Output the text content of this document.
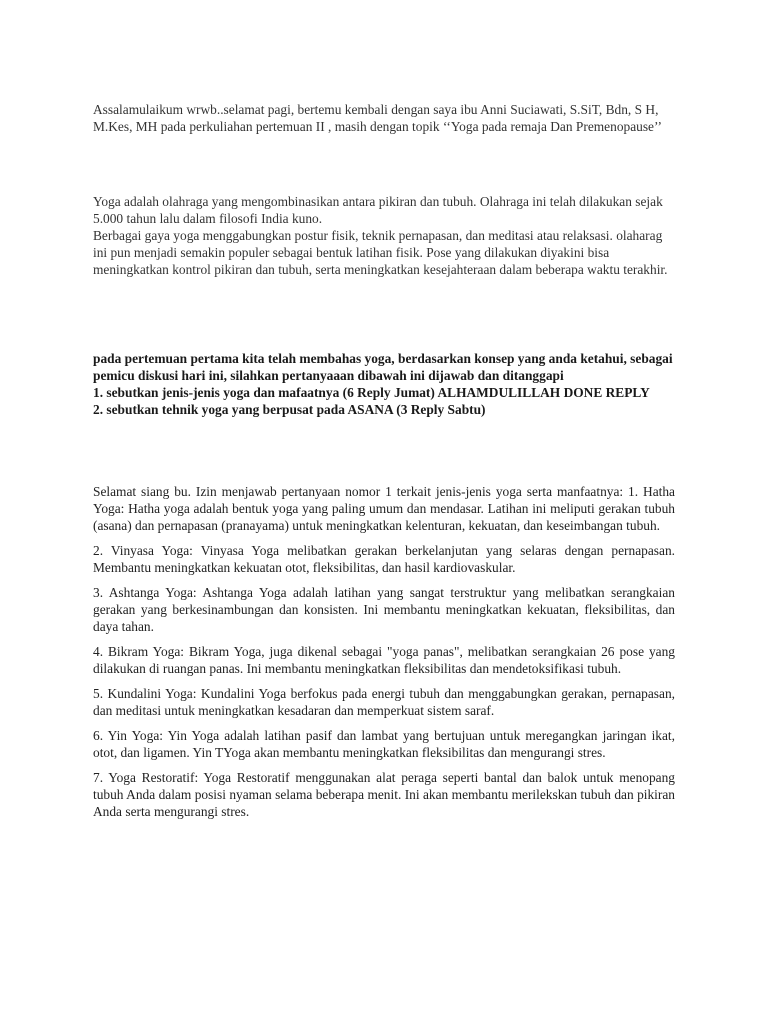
Assalamulaikum wrwb..selamat pagi, bertemu kembali dengan saya ibu Anni Suciawati, S.SiT, Bdn, S H, M.Kes, MH pada perkuliahan pertemuan II , masih dengan topik ‘‘Yoga pada remaja Dan Premenopause’’

Yoga adalah olahraga yang mengombinasikan antara pikiran dan tubuh. Olahraga ini telah dilakukan sejak 5.000 tahun lalu dalam filosofi India kuno.

Berbagai gaya yoga menggabungkan postur fisik, teknik pernapasan, dan meditasi atau relaksasi. olaharag ini pun menjadi semakin populer sebagai bentuk latihan fisik. Pose yang dilakukan diyakini bisa meningkatkan kontrol pikiran dan tubuh, serta meningkatkan kesejahteraan dalam beberapa waktu terakhir.

pada pertemuan pertama kita telah membahas yoga, berdasarkan konsep yang anda ketahui, sebagai pemicu diskusi hari ini, silahkan pertanyaaan dibawah ini dijawab dan ditanggapi

1. sebutkan jenis-jenis yoga dan mafaatnya (6 Reply Jumat) ALHAMDULILLAH DONE REPLY

2. sebutkan tehnik yoga yang berpusat pada ASANA (3 Reply Sabtu)

Selamat siang bu. Izin menjawab pertanyaan nomor 1 terkait jenis-jenis yoga serta manfaatnya: 1. Hatha Yoga: Hatha yoga adalah bentuk yoga yang paling umum dan mendasar. Latihan ini meliputi gerakan tubuh (asana) dan pernapasan (pranayama) untuk meningkatkan kelenturan, kekuatan, dan keseimbangan tubuh.

2. Vinyasa Yoga: Vinyasa Yoga melibatkan gerakan berkelanjutan yang selaras dengan pernapasan. Membantu meningkatkan kekuatan otot, fleksibilitas, dan hasil kardiovaskular.

3. Ashtanga Yoga: Ashtanga Yoga adalah latihan yang sangat terstruktur yang melibatkan serangkaian gerakan yang berkesinambungan dan konsisten. Ini membantu meningkatkan kekuatan, fleksibilitas, dan daya tahan.

4. Bikram Yoga: Bikram Yoga, juga dikenal sebagai "yoga panas", melibatkan serangkaian 26 pose yang dilakukan di ruangan panas. Ini membantu meningkatkan fleksibilitas dan mendetoksifikasi tubuh.

5. Kundalini Yoga: Kundalini Yoga berfokus pada energi tubuh dan menggabungkan gerakan, pernapasan, dan meditasi untuk meningkatkan kesadaran dan memperkuat sistem saraf.

6. Yin Yoga: Yin Yoga adalah latihan pasif dan lambat yang bertujuan untuk meregangkan jaringan ikat, otot, dan ligamen. Yin TYoga akan membantu meningkatkan fleksibilitas dan mengurangi stres.

7. Yoga Restoratif: Yoga Restoratif menggunakan alat peraga seperti bantal dan balok untuk menopang tubuh Anda dalam posisi nyaman selama beberapa menit. Ini akan membantu merilekskan tubuh dan pikiran Anda serta mengurangi stres.
